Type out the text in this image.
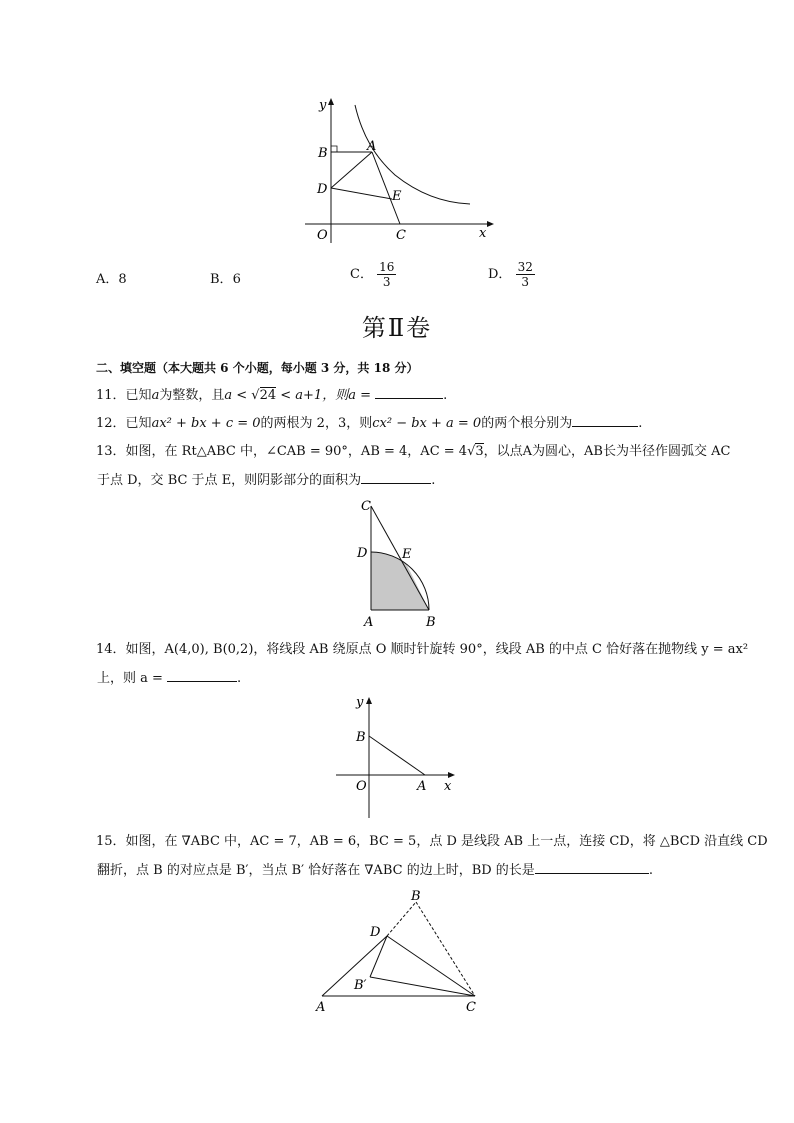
y
x
O
B	A
D	E
C
A．8	B．6	C． $\frac{16}{3}$	D． $\frac{32}{3}$
第Ⅱ卷
二、填空题（本大题共 6 个小题，每小题 3 分，共 18 分）
11．已知a为整数，且a < √24 < a+1，则a =	.
12．已知ax² + bx + c = 0的两根为 2，3，则cx² − bx + a = 0的两个根分别为	.
13．如图，在 Rt△ABC 中，∠CAB = 90°，AB = 4，AC = 4√3，以点A为圆心，AB长为半径作圆弧交 AC
于点 D，交 BC 于点 E，则阴影部分的面积为	.
C
D	E
A	B
14．如图，A(4,0), B(0,2)，将线段 AB 绕原点 O 顺时针旋转 90°，线段 AB 的中点 C 恰好落在抛物线 y = ax²
上，则 a =	.
y
x
B
O	A
15．如图，在 ∇ABC 中，AC = 7，AB = 6，BC = 5，点 D 是线段 AB 上一点，连接 CD，将 △BCD 沿直线 CD
翻折，点 B 的对应点是 B′，当点 B′ 恰好落在 ∇ABC 的边上时，BD 的长是	.
B
D
B′
A	C
